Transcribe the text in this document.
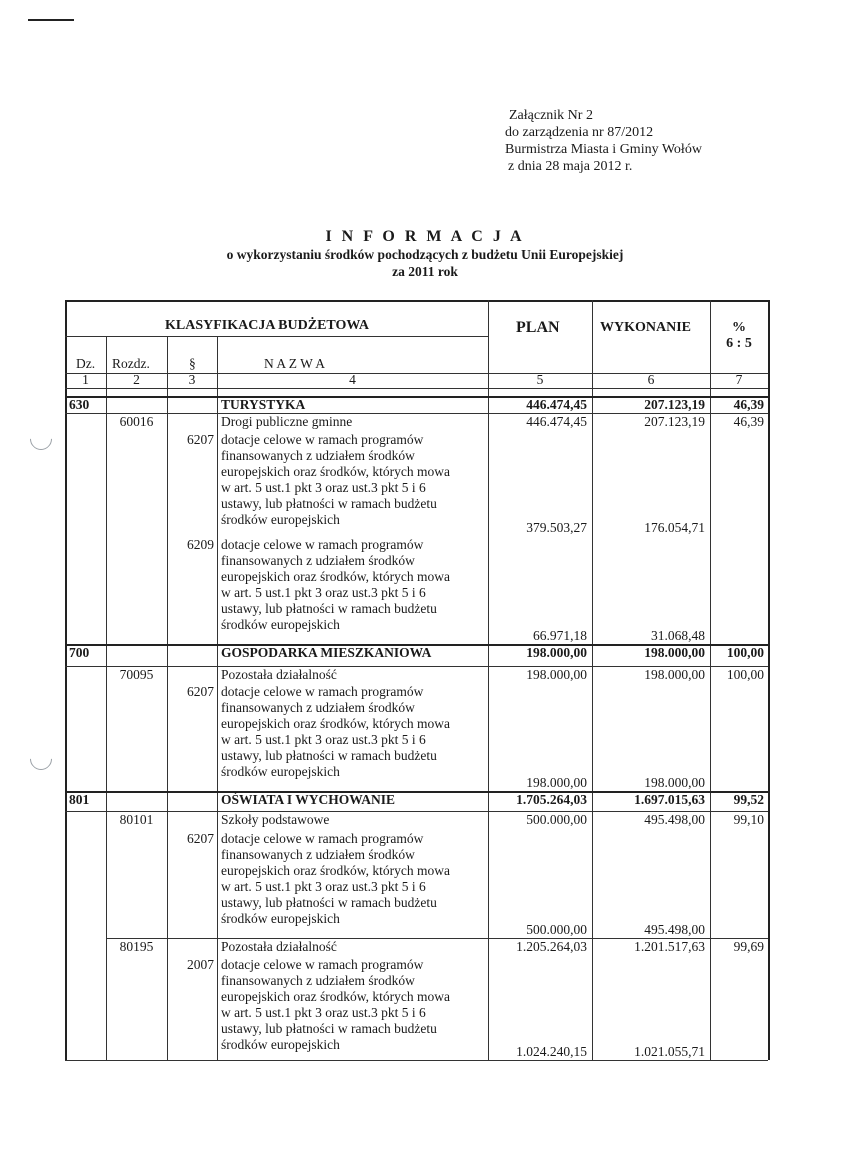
Załącznik Nr 2
do zarządzenia nr 87/2012
Burmistrza Miasta i Gminy Wołów
z dnia 28 maja 2012 r.
I N F O R M A C J A
o wykorzystaniu środków pochodzących z budżetu Unii Europejskiej
za 2011 rok
KLASYFIKACJA BUDŻETOWA	PLAN	WYKONANIE	%
6 : 5
Dz. Rozdz.	§	N A Z W A
1	2	3	4	5	6	7
630	TURYSTYKA	446.474,45	207.123,19	46,39
60016	Drogi publiczne gminne	446.474,45	207.123,19	46,39
6207 dotacje celowe w ramach programów
finansowanych z udziałem środków
europejskich oraz środków, których mowa
w art. 5 ust.1 pkt 3 oraz ust.3 pkt 5 i 6
ustawy, lub płatności w ramach budżetu
środków europejskich
379.503,27	176.054,71
6209 dotacje celowe w ramach programów
finansowanych z udziałem środków
europejskich oraz środków, których mowa
w art. 5 ust.1 pkt 3 oraz ust.3 pkt 5 i 6
ustawy, lub płatności w ramach budżetu
środków europejskich
66.971,18	31.068,48
700	GOSPODARKA MIESZKANIOWA	198.000,00	198.000,00	100,00
70095	Pozostała działalność	198.000,00	198.000,00	100,00
6207 dotacje celowe w ramach programów
finansowanych z udziałem środków
europejskich oraz środków, których mowa
w art. 5 ust.1 pkt 3 oraz ust.3 pkt 5 i 6
ustawy, lub płatności w ramach budżetu
środków europejskich
198.000,00	198.000,00
801	OŚWIATA I WYCHOWANIE	1.705.264,03	1.697.015,63	99,52
80101	Szkoły podstawowe	500.000,00	495.498,00	99,10
6207 dotacje celowe w ramach programów
finansowanych z udziałem środków
europejskich oraz środków, których mowa
w art. 5 ust.1 pkt 3 oraz ust.3 pkt 5 i 6
ustawy, lub płatności w ramach budżetu
środków europejskich
500.000,00	495.498,00
80195	Pozostała działalność	1.205.264,03	1.201.517,63	99,69
2007 dotacje celowe w ramach programów
finansowanych z udziałem środków
europejskich oraz środków, których mowa
w art. 5 ust.1 pkt 3 oraz ust.3 pkt 5 i 6
ustawy, lub płatności w ramach budżetu
środków europejskich	1.024.240,15	1.021.055,71
